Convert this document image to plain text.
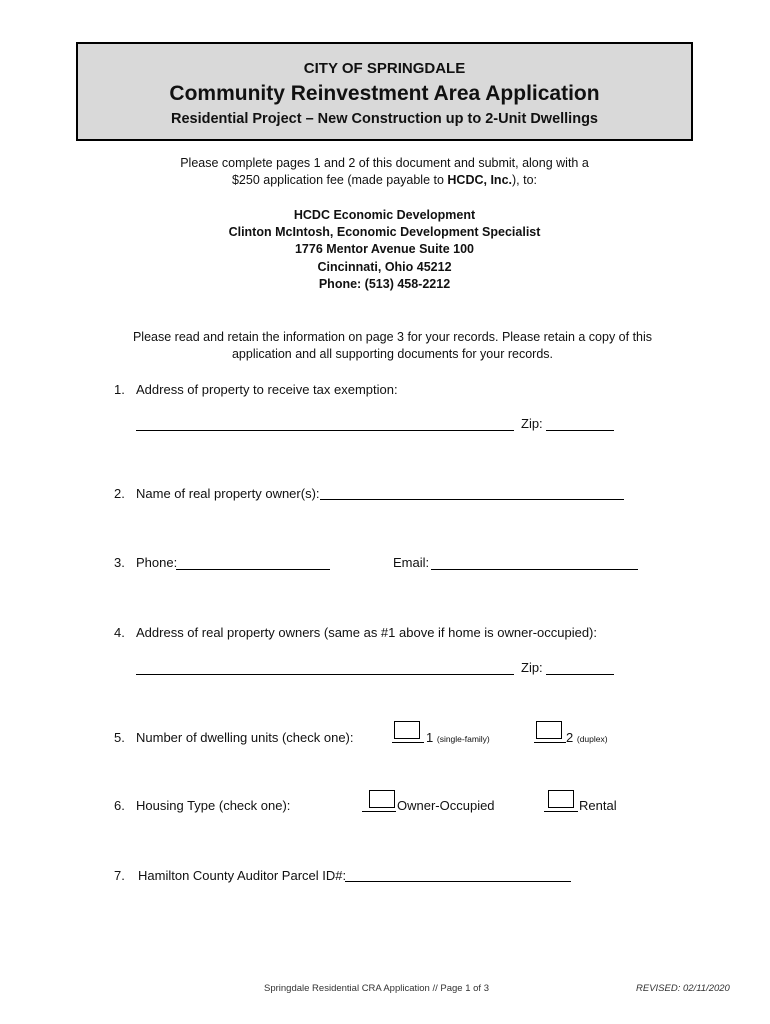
CITY OF SPRINGDALE
Community Reinvestment Area Application
Residential Project – New Construction up to 2-Unit Dwellings
Please complete pages 1 and 2 of this document and submit, along with a
$250 application fee (made payable to HCDC, Inc.), to:
HCDC Economic Development
Clinton McIntosh, Economic Development Specialist
1776 Mentor Avenue Suite 100
Cincinnati, Ohio 45212
Phone: (513) 458-2212
Please read and retain the information on page 3 for your records. Please retain a copy of this
application and all supporting documents for your records.
1. Address of property to receive tax exemption:
Zip:
2. Name of real property owner(s):
3. Phone:	Email:
4. Address of real property owners (same as #1 above if home is owner-occupied):
Zip:
5. Number of dwelling units (check one):	1 (single-family)	2 (duplex)
6. Housing Type (check one):	Owner-Occupied	Rental
7. Hamilton County Auditor Parcel ID#:
Springdale Residential CRA Application // Page 1 of 3	REVISED: 02/11/2020
